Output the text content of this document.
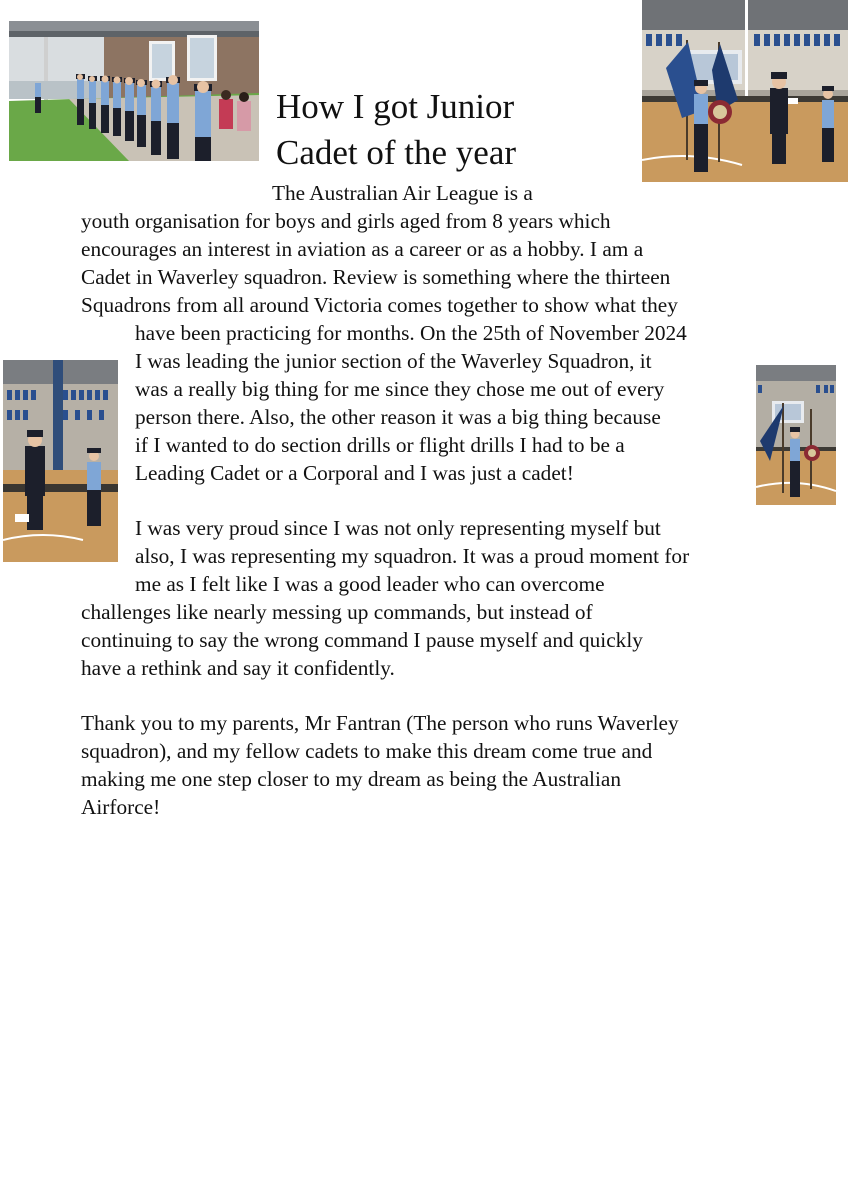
How I got Junior
Cadet of the year
The Australian Air League is a
youth organisation for boys and girls aged from 8 years which
encourages an interest in aviation as a career or as a hobby. I am a
Cadet in Waverley squadron. Review is something where the thirteen
Squadrons from all around Victoria comes together to show what they
have been practicing for months. On the 25th of November 2024
I was leading the junior section of the Waverley Squadron, it
was a really big thing for me since they chose me out of every
person there. Also, the other reason it was a big thing because
if I wanted to do section drills or flight drills I had to be a
Leading Cadet or a Corporal and I was just a cadet!
I was very proud since I was not only representing myself but
also, I was representing my squadron. It was a proud moment for
me as I felt like I was a good leader who can overcome
challenges like nearly messing up commands, but instead of
continuing to say the wrong command I pause myself and quickly
have a rethink and say it confidently.
Thank you to my parents, Mr Fantran (The person who runs Waverley
squadron), and my fellow cadets to make this dream come true and
making me one step closer to my dream as being the Australian
Airforce!
